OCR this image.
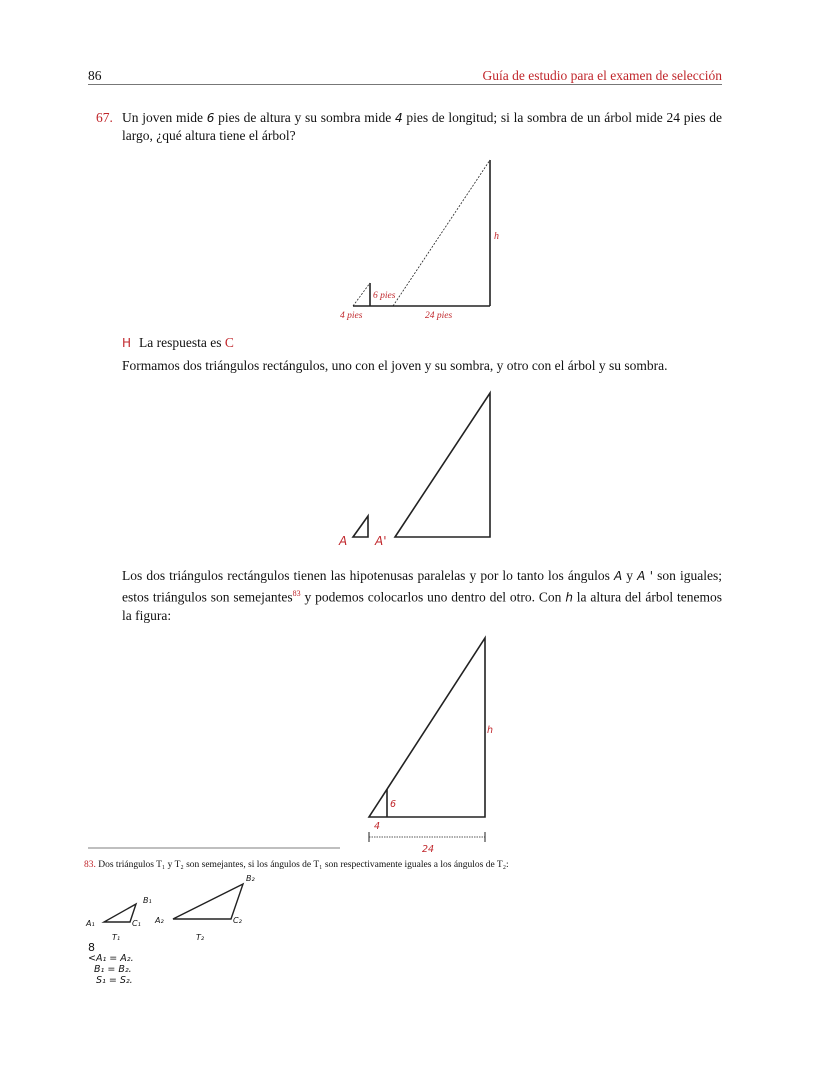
86	Guía de estudio para el examen de selección
67. Un joven mide 6 pies de altura y su sombra mide 4 pies de longitud; si la sombra de un árbol mide 24 pies de largo, ¿qué altura tiene el árbol?
H La respuesta es C
Formamos dos triángulos rectángulos, uno con el joven y su sombra, y otro con el árbol y su sombra.
Los dos triángulos rectángulos tienen las hipotenusas paralelas y por lo tanto los ángulos A y A ' son iguales; estos triángulos son semejantes$^{83}$ y podemos colocarlos uno dentro del otro. Con h la altura del árbol tenemos la figura:
6 pies
4 pies	24 pies
h
A A'
h
6
4
24
A₁
B₁
C₁ A₂
B₂
C₂
T₁	T₂
83. Dos triángulos T₁ y T₂ son semejantes, si los ángulos de T₁ son respectivamente iguales a los ángulos de T₂:
8
<A₁ = A₂.
B₁ = B₂.
S₁ = S₂.
